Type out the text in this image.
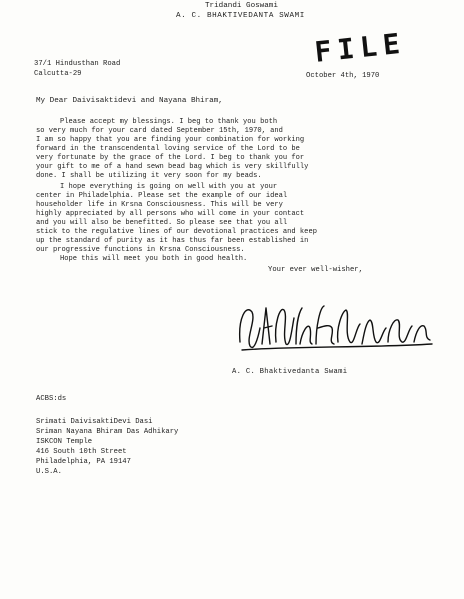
Tridandi Goswami
A. C. BHAKTIVEDANTA SWAMI
FILE
37/1 Hindusthan Road
Calcutta-29	October 4th, 1970
My Dear Daivisaktidevi and Nayana Bhiram,
Please accept my blessings. I beg to thank you both
so very much for your card dated September 15th, 1970, and
I am so happy that you are finding your combination for working
forward in the transcendental loving service of the Lord to be
very fortunate by the grace of the Lord. I beg to thank you for
your gift to me of a hand sewn bead bag which is very skillfully
done. I shall be utilizing it very soon for my beads.
I hope everything is going on well with you at your
center in Philadelphia. Please set the example of our ideal
householder life in Krsna Consciousness. This will be very
highly appreciated by all persons who will come in your contact
and you will also be benefitted. So please see that you all
stick to the regulative lines of our devotional practices and keep
up the standard of purity as it has thus far been established in
our progressive functions in Krsna Consciousness.
Hope this will meet you both in good health.
Your ever well-wisher,
A. C. Bhaktivedanta Swami
ACBS:ds
Srimati DaivisaktiDevi Dasi
Sriman Nayana Bhiram Das Adhikary
ISKCON Temple
416 South 10th Street
Philadelphia, PA 19147
U.S.A.
